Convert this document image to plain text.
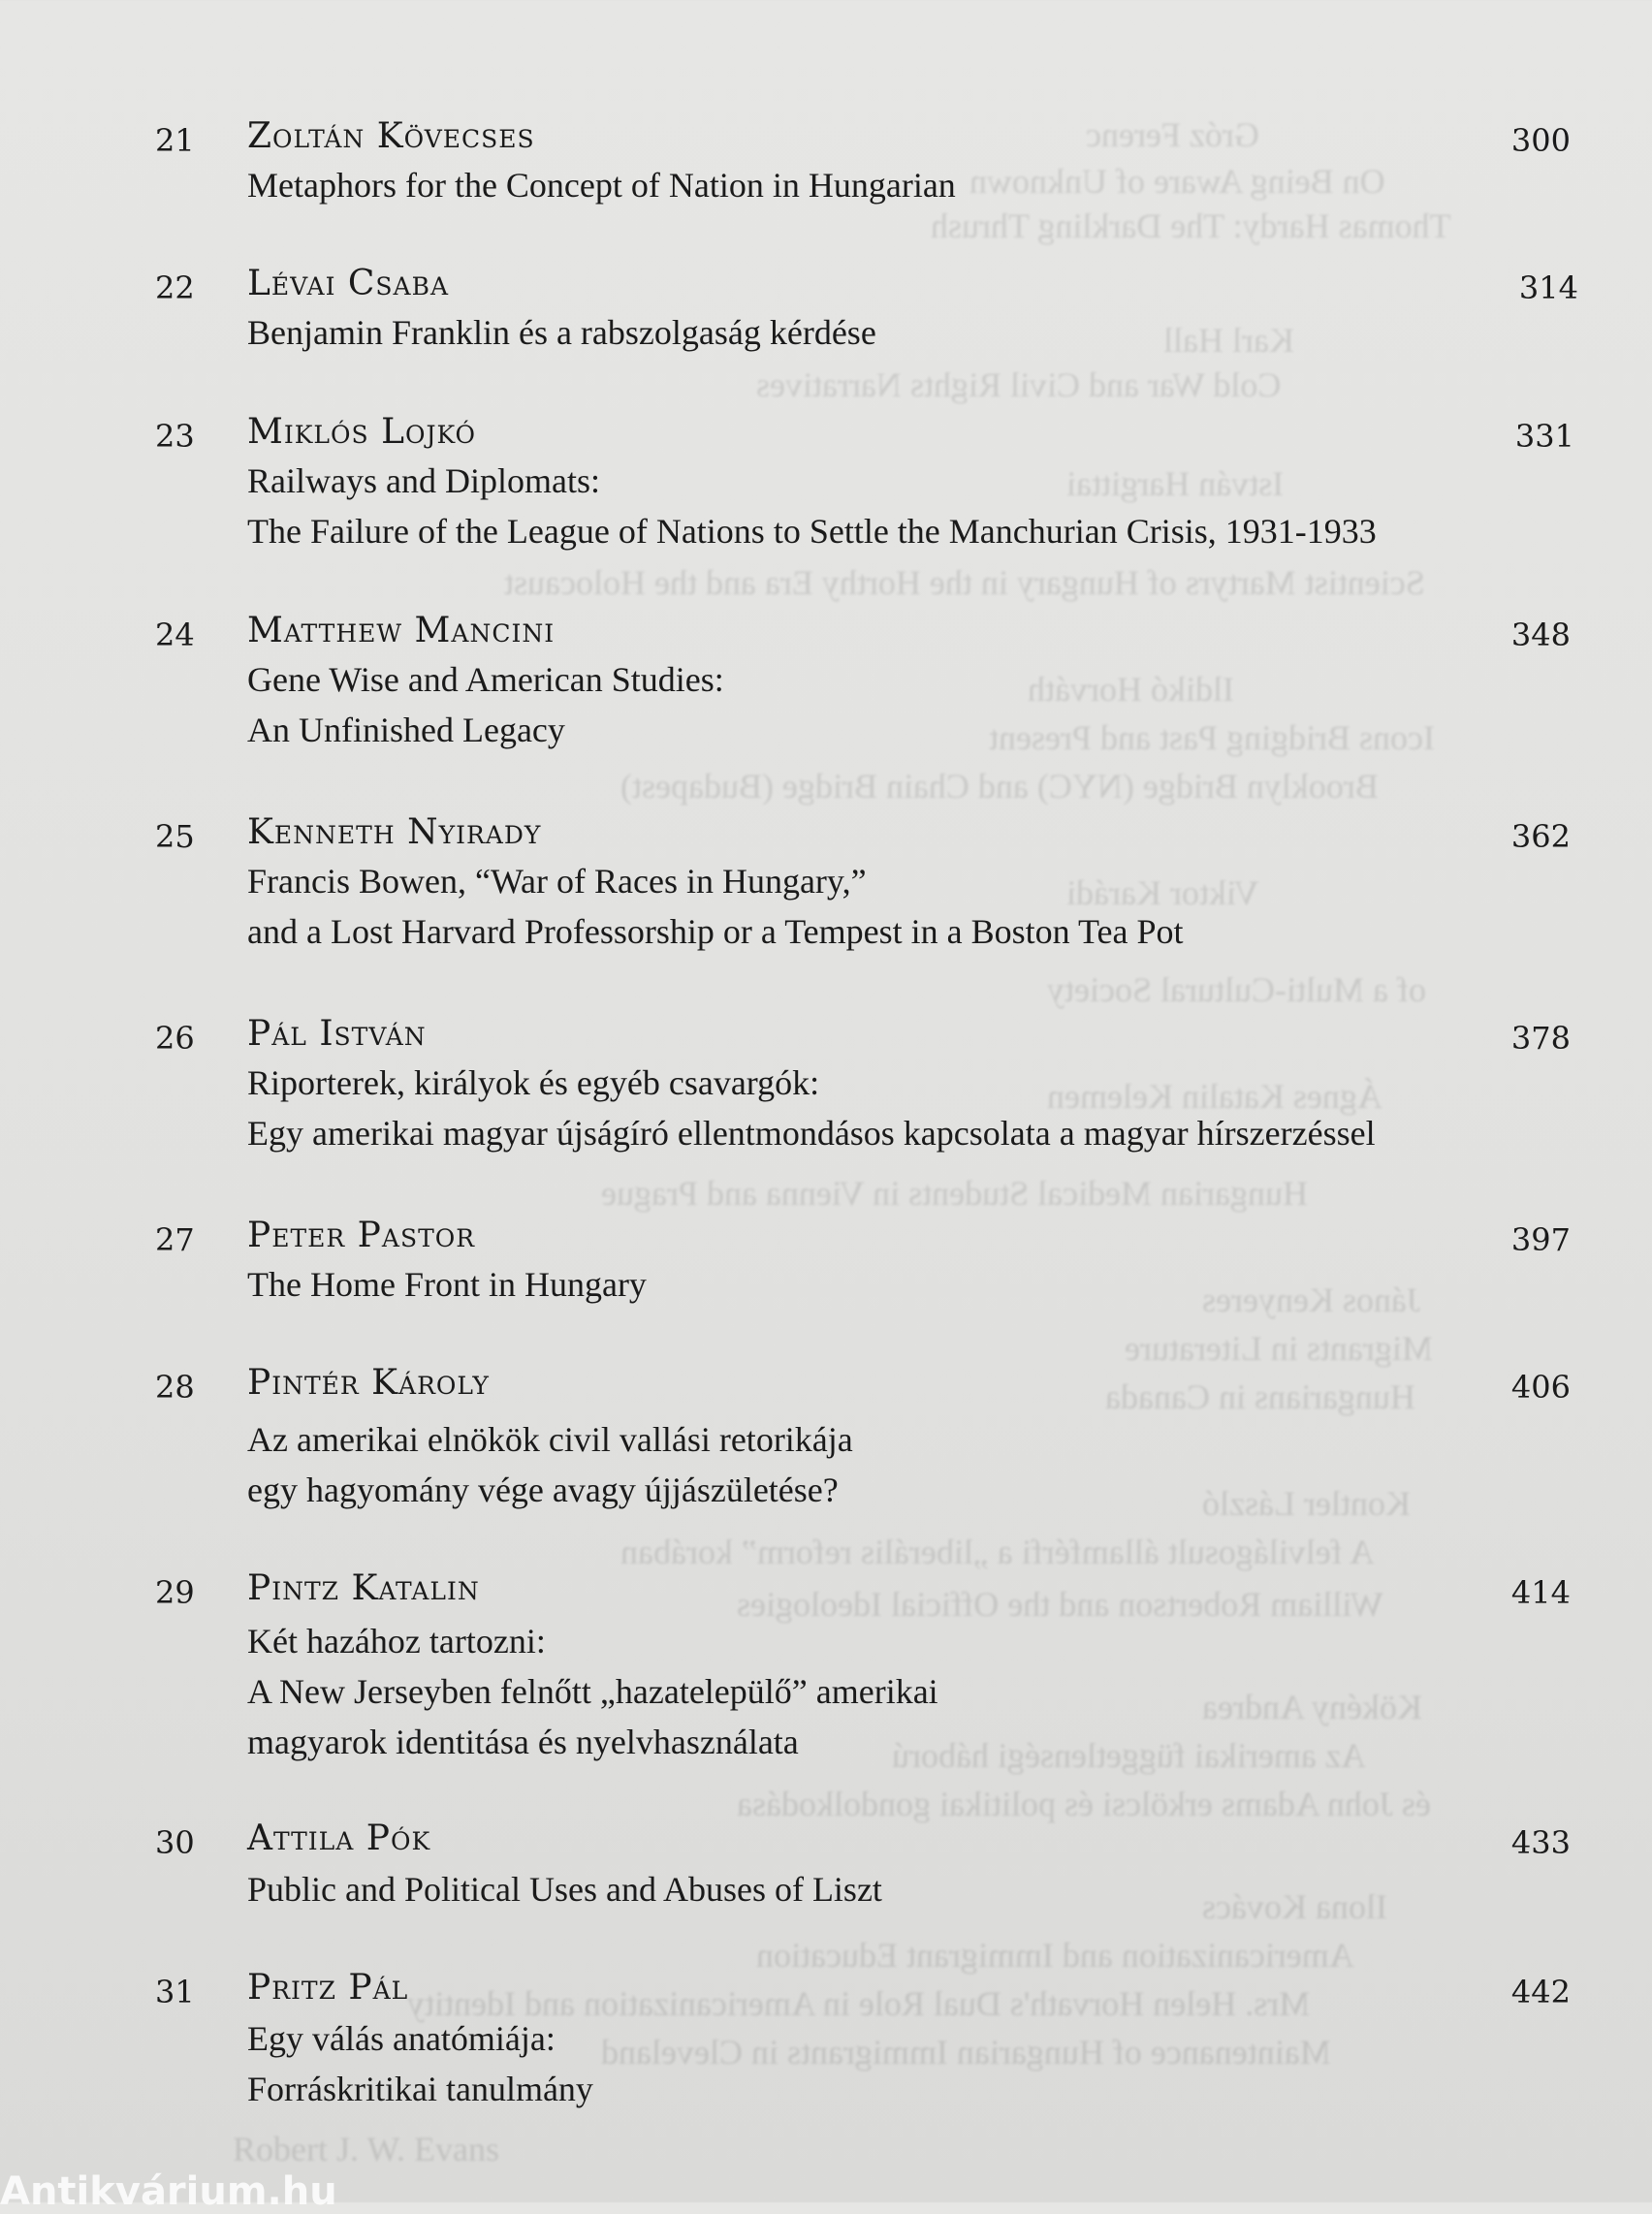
Gróz Ferenc
On Being Aware of Unknown
Thomas Hardy: The Darkling Thrush
Karl Hall
Cold War and Civil Rights Narratives
István Hargittai
Scientist Martyrs of Hungary in the Horthy Era and the Holocaust
Ildikó Horváth
Icons Bridging Past and Present
Brooklyn Bridge (NYC) and Chain Bridge (Budapest)
Viktor Karádi
of a Multi-Cultural Society
Ágnes Katalin Kelemen
Hungarian Medical Students in Vienna and Prague
János Kenyeres
Migrants in Literature
Hungarians in Canada
Kontler László
A felvilágosult államférfi a „liberális reform” korában
William Robertson and the Official Ideologies
Kökény Andrea
Az amerikai függetlenségi háború
és John Adams erkölcsi és politikai gondolkodása
Ilona Kovács
Americanization and Immigrant Education
Mrs. Helen Horvath's Dual Role in Americanization and Identity
Maintenance of Hungarian Immigrants in Cleveland
Robert J. W. Evans
21	Zoltán Kövecses	300
Metaphors for the Concept of Nation in Hungarian
22	Lévai Csaba	314
Benjamin Franklin és a rabszolgaság kérdése
23	Miklós Lojkó	331
Railways and Diplomats:
The Failure of the League of Nations to Settle the Manchurian Crisis, 1931-1933
24	Matthew Mancini	348
Gene Wise and American Studies:
An Unfinished Legacy
25	Kenneth Nyirady	362
Francis Bowen, “War of Races in Hungary,”
and a Lost Harvard Professorship or a Tempest in a Boston Tea Pot
26	Pál István	378
Riporterek, királyok és egyéb csavargók:
Egy amerikai magyar újságíró ellentmondásos kapcsolata a magyar hírszerzéssel
27	Peter Pastor	397
The Home Front in Hungary
28	Pintér Károly	406
Az amerikai elnökök civil vallási retorikája
egy hagyomány vége avagy újjászületése?
29	Pintz Katalin	414
Két hazához tartozni:
A New Jerseyben felnőtt „hazatelepülő” amerikai
magyarok identitása és nyelvhasználata
30	Attila Pók	433
Public and Political Uses and Abuses of Liszt
31	Pritz Pál	442
Egy válás anatómiája:
Forráskritikai tanulmány
Antikvárium.hu
